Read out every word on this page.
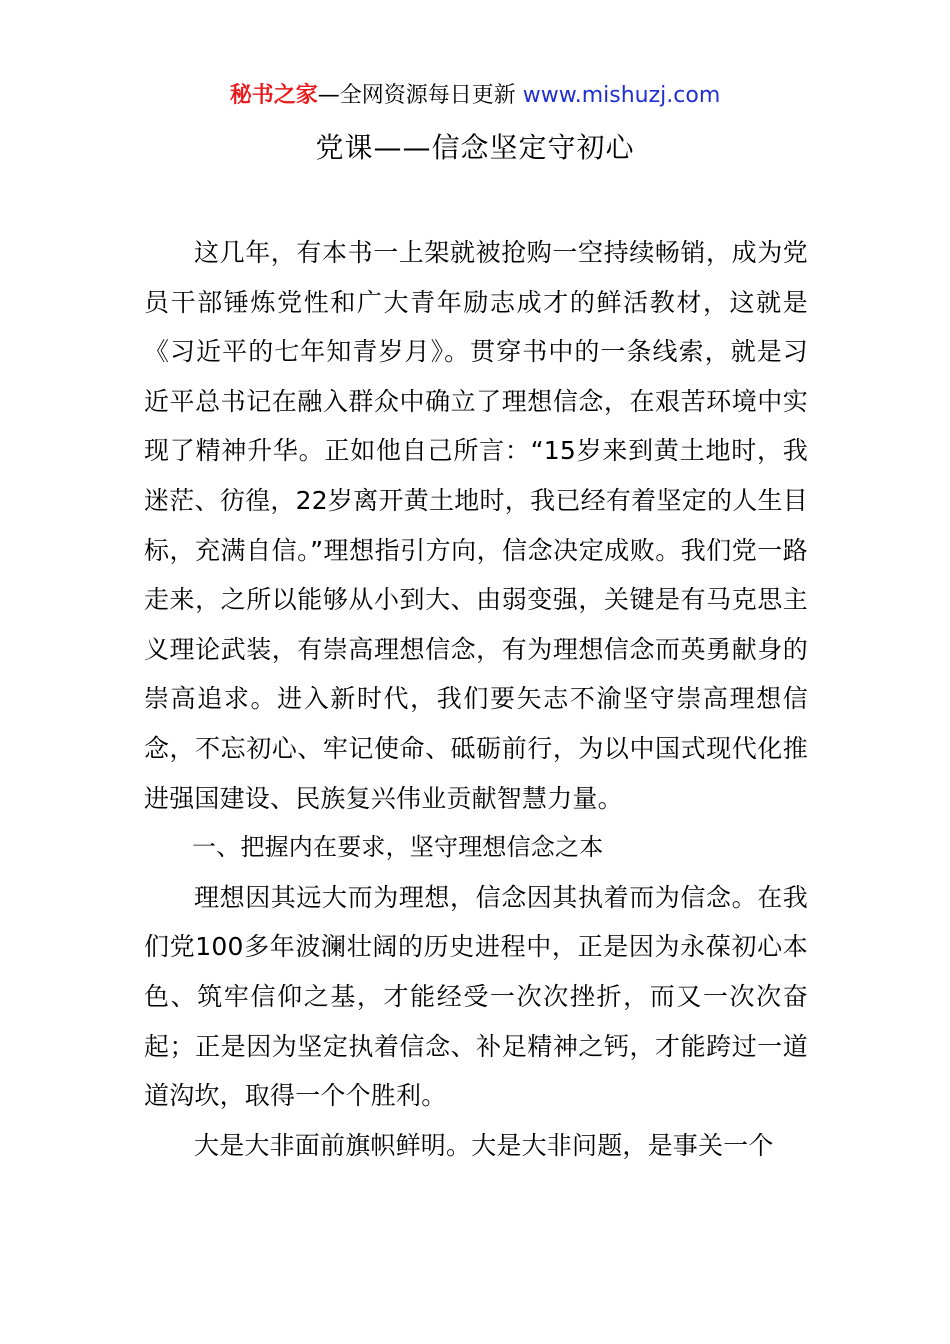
秘书之家—全网资源每日更新 www.mishuzj.com
党课——信念坚定守初心

这几年，有本书一上架就被抢购一空持续畅销，成为党员干部锤炼党性和广大青年励志成才的鲜活教材，这就是《习近平的七年知青岁月》。贯穿书中的一条线索，就是习近平总书记在融入群众中确立了理想信念，在艰苦环境中实现了精神升华。正如他自己所言：“15岁来到黄土地时，我迷茫、彷徨，22岁离开黄土地时，我已经有着坚定的人生目标，充满自信。”理想指引方向，信念决定成败。我们党一路走来，之所以能够从小到大、由弱变强，关键是有马克思主义理论武装，有崇高理想信念，有为理想信念而英勇献身的崇高追求。进入新时代，我们要矢志不渝坚守崇高理想信念，不忘初心、牢记使命、砥砺前行，为以中国式现代化推进强国建设、民族复兴伟业贡献智慧力量。

一、把握内在要求，坚守理想信念之本

理想因其远大而为理想，信念因其执着而为信念。在我们党100多年波澜壮阔的历史进程中，正是因为永葆初心本色、筑牢信仰之基，才能经受一次次挫折，而又一次次奋起；正是因为坚定执着信念、补足精神之钙，才能跨过一道道沟坎，取得一个个胜利。

大是大非面前旗帜鲜明。大是大非问题，是事关一个
